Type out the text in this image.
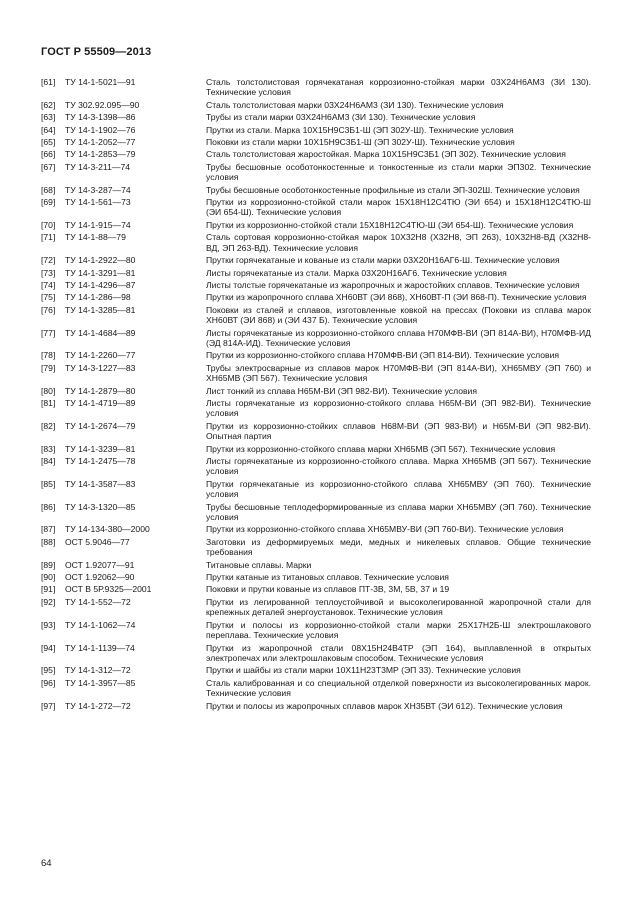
ГОСТ Р 55509—2013
[61]	ТУ 14-1-5021—91	Сталь толстолистовая горячекатаная коррозионно-стойкая марки 03Х24Н6АМ3 (ЗИ 130). Технические условия
[62]	ТУ 302.92.095—90	Сталь толстолистовая марки 03Х24Н6АМ3 (ЗИ 130). Технические условия
[63]	ТУ 14-3-1398—86	Трубы из стали марки 03Х24Н6АМ3 (ЗИ 130). Технические условия
[64]	ТУ 14-1-1902—76	Прутки из стали. Марка 10Х15Н9С3Б1-Ш (ЭП 302У-Ш). Технические условия
[65]	ТУ 14-1-2052—77	Поковки из стали марки 10Х15Н9С3Б1-Ш (ЭП 302У-Ш). Технические условия
[66]	ТУ 14-1-2853—79	Сталь толстолистовая жаростойкая. Марка 10Х15Н9С3Б1 (ЭП 302). Технические условия
[67]	ТУ 14-3-211—74	Трубы бесшовные особотонкостенные и тонкостенные из стали марки ЭП302. Технические условия
[68]	ТУ 14-3-287—74	Трубы бесшовные особотонкостенные профильные из стали ЭП-302Ш. Технические условия
[69]	ТУ 14-1-561—73	Прутки из коррозионно-стойкой стали марок 15Х18Н12С4ТЮ (ЭИ 654) и 15Х18Н12С4ТЮ-Ш (ЭИ 654-Ш). Технические условия
[70]	ТУ 14-1-915—74	Прутки из коррозионно-стойкой стали 15Х18Н12С4ТЮ-Ш (ЭИ 654-Ш). Технические условия
[71]	ТУ 14-1-88—79	Сталь сортовая коррозионно-стойкая марок 10Х32Н8 (Х32Н8, ЭП 263), 10Х32Н8-ВД (Х32Н8-ВД, ЭП 263-ВД). Технические условия
[72]	ТУ 14-1-2922—80	Прутки горячекатаные и кованые из стали марки 03Х20Н16АГ6-Ш. Технические условия
[73]	ТУ 14-1-3291—81	Листы горячекатаные из стали. Марка 03Х20Н16АГ6. Технические условия
[74]	ТУ 14-1-4296—87	Листы толстые горячекатаные из жаропрочных и жаростойких сплавов. Технические условия
[75]	ТУ 14-1-286—98	Прутки из жаропрочного сплава ХН60ВТ (ЭИ 868), ХН60ВТ-П (ЭИ 868-П). Технические условия
[76]	ТУ 14-1-3285—81	Поковки из сталей и сплавов, изготовленные ковкой на прессах (Поковки из сплава марок ХН60ВТ (ЭИ 868) и (ЭИ 437 Б). Технические условия
[77]	ТУ 14-1-4684—89	Листы горячекатаные из коррозионно-стойкого сплава Н70МФВ-ВИ (ЭП 814А-ВИ), Н70МФВ-ИД (ЭД 814А-ИД). Технические условия
[78]	ТУ 14-1-2260—77	Прутки из коррозионно-стойкого сплава Н70МФВ-ВИ (ЭП 814-ВИ). Технические условия
[79]	ТУ 14-3-1227—83	Трубы электросварные из сплавов марок Н70МФВ-ВИ (ЭП 814А-ВИ), ХН65МВУ (ЭП 760) и ХН65МВ (ЭП 567). Технические условия
[80]	ТУ 14-1-2879—80	Лист тонкий из сплава Н65М-ВИ (ЭП 982-ВИ). Технические условия
[81]	ТУ 14-1-4719—89	Листы горячекатаные из коррозионно-стойкого сплава Н65М-ВИ (ЭП 982-ВИ). Технические условия
[82]	ТУ 14-1-2674—79	Прутки из коррозионно-стойких сплавов Н68М-ВИ (ЭП 983-ВИ) и Н65М-ВИ (ЭП 982-ВИ). Опытная партия
[83]	ТУ 14-1-3239—81	Прутки из коррозионно-стойкого сплава марки ХН65МВ (ЭП 567). Технические условия
[84]	ТУ 14-1-2475—78	Листы горячекатаные из коррозионно-стойкого сплава. Марка ХН65МВ (ЭП 567). Технические условия
[85]	ТУ 14-1-3587—83	Прутки горячекатаные из коррозионно-стойкого сплава ХН65МВУ (ЭП 760). Технические условия
[86]	ТУ 14-3-1320—85	Трубы бесшовные теплодеформированные из сплава марки ХН65МВУ (ЭП 760). Технические условия
[87]	ТУ 14-134-380—2000	Прутки из коррозионно-стойкого сплава ХН65МВУ-ВИ (ЭП 760-ВИ). Технические условия
[88]	ОСТ 5.9046—77	Заготовки из деформируемых меди, медных и никелевых сплавов. Общие технические требования
[89]	ОСТ 1.92077—91	Титановые сплавы. Марки
[90]	ОСТ 1.92062—90	Прутки катаные из титановых сплавов. Технические условия
[91]	ОСТ В 5Р.9325—2001	Поковки и прутки кованые из сплавов ПТ-3В, 3М, 5В, 37 и 19
[92]	ТУ 14-1-552—72	Прутки из легированной теплоустойчивой и высоколегированной жаропрочной стали для крепежных деталей энергоустановок. Технические условия
[93]	ТУ 14-1-1062—74	Прутки и полосы из коррозионно-стойкой стали марки 25Х17Н2Б-Ш электрошлакового переплава. Технические условия
[94]	ТУ 14-1-1139—74	Прутки из жаропрочной стали 08Х15Н24В4ТР (ЭП 164), выплавленной в открытых электропечах или электрошлаковым способом. Технические условия
[95]	ТУ 14-1-312—72	Прутки и шайбы из стали марки 10Х11Н23Т3МР (ЭП 33). Технические условия
[96]	ТУ 14-1-3957—85	Сталь калиброванная и со специальной отделкой поверхности из высоколегированных марок. Технические условия
[97]	ТУ 14-1-272—72	Прутки и полосы из жаропрочных сплавов марок ХН35ВТ (ЭИ 612). Технические условия
64
